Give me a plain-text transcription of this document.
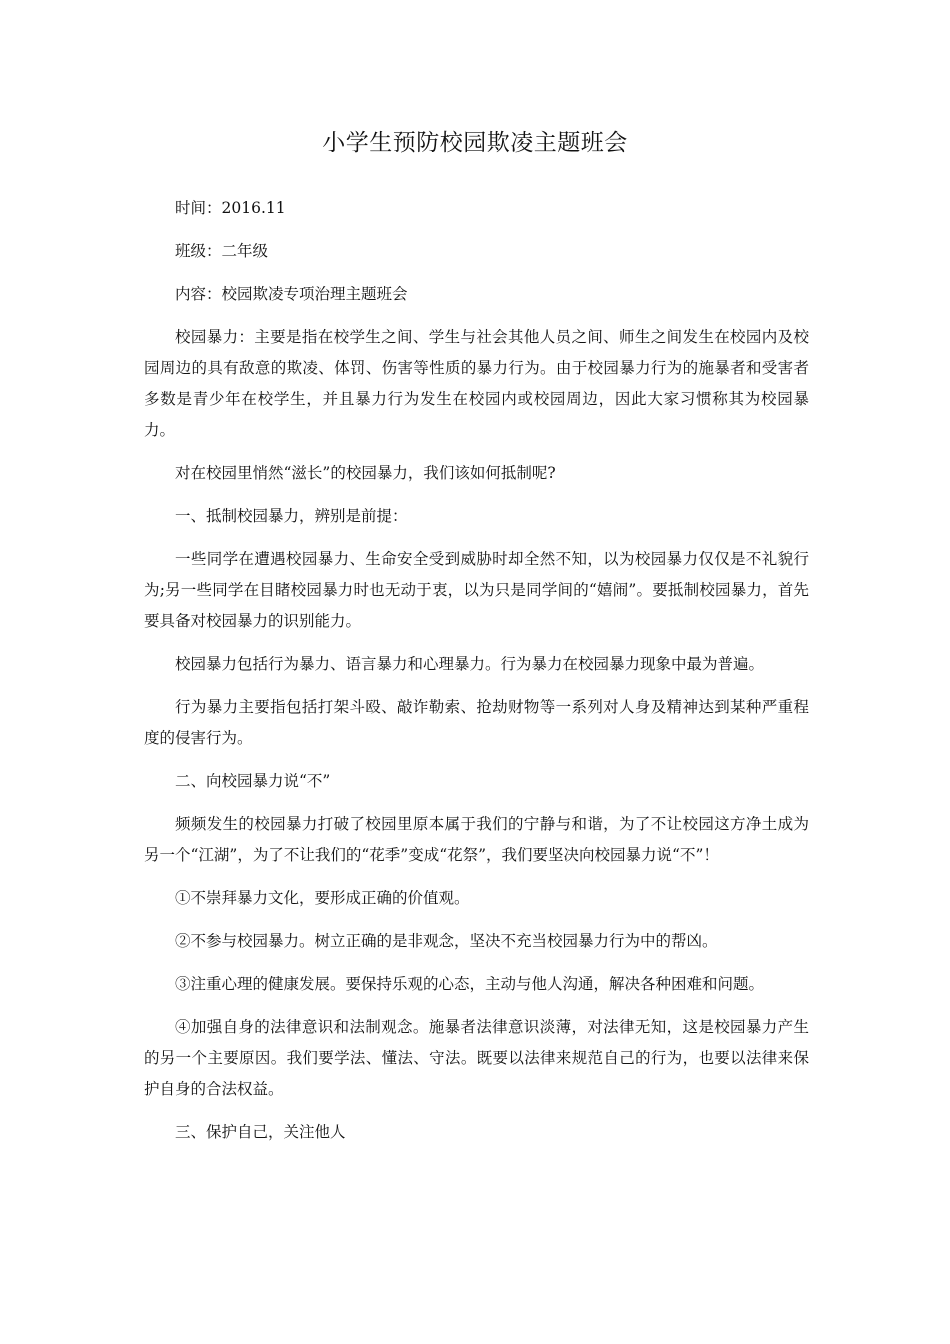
小学生预防校园欺凌主题班会

时间：2016.11

班级：二年级

内容：校园欺凌专项治理主题班会

校园暴力：主要是指在校学生之间、学生与社会其他人员之间、师生之间发生在校园内及校园周边的具有敌意的欺凌、体罚、伤害等性质的暴力行为。由于校园暴力行为的施暴者和受害者多数是青少年在校学生，并且暴力行为发生在校园内或校园周边，因此大家习惯称其为校园暴力。

对在校园里悄然“滋长”的校园暴力，我们该如何抵制呢?

一、抵制校园暴力，辨别是前提：

一些同学在遭遇校园暴力、生命安全受到威胁时却全然不知，以为校园暴力仅仅是不礼貌行为;另一些同学在目睹校园暴力时也无动于衷，以为只是同学间的“嬉闹”。要抵制校园暴力，首先要具备对校园暴力的识别能力。

校园暴力包括行为暴力、语言暴力和心理暴力。行为暴力在校园暴力现象中最为普遍。

行为暴力主要指包括打架斗殴、敲诈勒索、抢劫财物等一系列对人身及精神达到某种严重程度的侵害行为。

二、向校园暴力说“不”

频频发生的校园暴力打破了校园里原本属于我们的宁静与和谐，为了不让校园这方净土成为另一个“江湖”，为了不让我们的“花季”变成“花祭”，我们要坚决向校园暴力说“不”！

①不崇拜暴力文化，要形成正确的价值观。

②不参与校园暴力。树立正确的是非观念，坚决不充当校园暴力行为中的帮凶。

③注重心理的健康发展。要保持乐观的心态，主动与他人沟通，解决各种困难和问题。

④加强自身的法律意识和法制观念。施暴者法律意识淡薄，对法律无知，这是校园暴力产生的另一个主要原因。我们要学法、懂法、守法。既要以法律来规范自己的行为，也要以法律来保护自身的合法权益。

三、保护自己，关注他人
